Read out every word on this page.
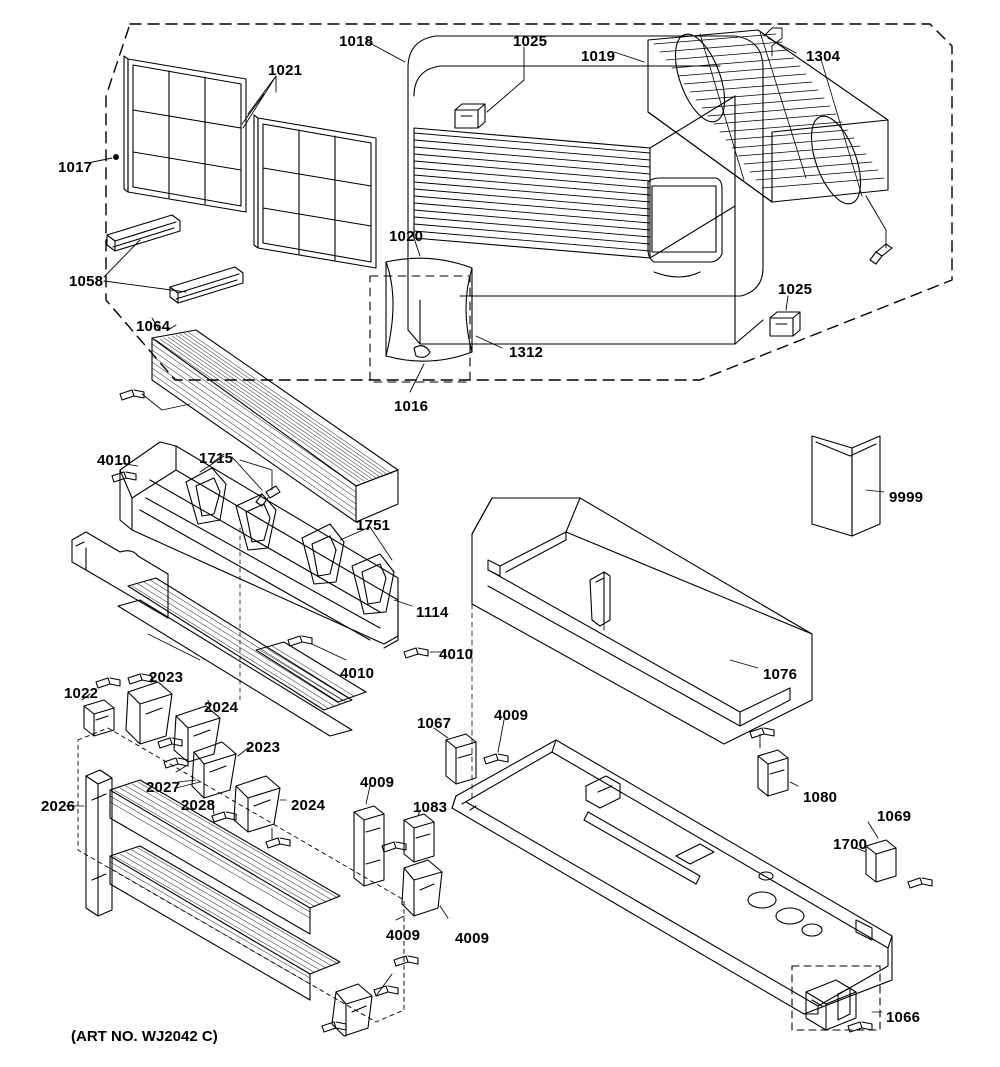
1018	1025
1019	1304
1021
1017
1020
1058	1025
1064
1312
1016
4010	1715
9999
1751
1114
4010
4010
1076
2023
1022
2024
1067	4009
2023
2027	4009
1080
2028	2024	1083
1069
2026
1700
4009 4009
1066
(ART NO. WJ2042 C)
